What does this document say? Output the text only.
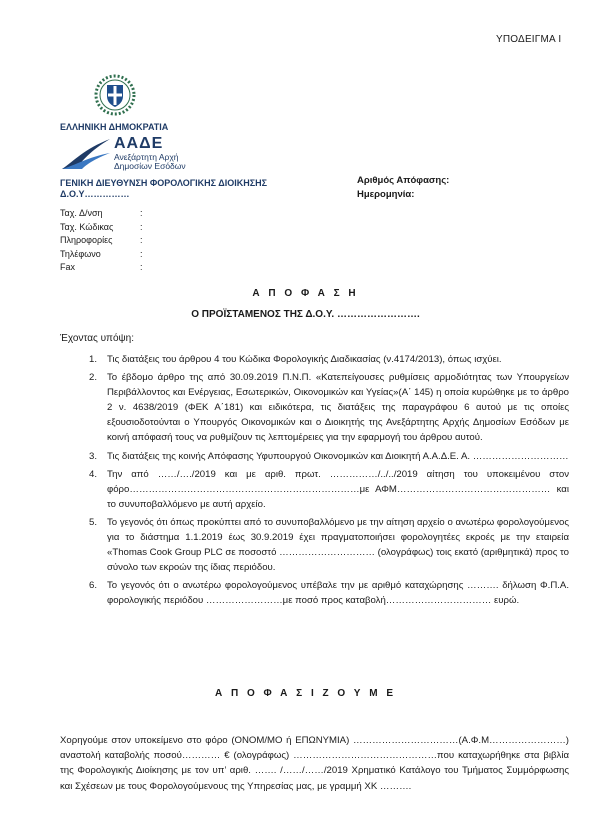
ΥΠΟΔΕΙΓΜΑ Ι
ΕΛΛΗΝΙΚΗ ΔΗΜΟΚΡΑΤΙΑ
ΑΑΔΕ
Ανεξάρτητη Αρχή
Δημοσίων Εσόδων
ΓΕΝΙΚΗ ΔΙΕΥΘΥΝΣΗ ΦΟΡΟΛΟΓΙΚΗΣ ΔΙΟΙΚΗΣΗΣ
Δ.Ο.Υ……………
Αριθμός Απόφασης:
Ημερομηνία:
Ταχ. Δ/νση	:
Ταχ. Κώδικας	:
Πληροφορίες	:
Τηλέφωνο	:
Fax	:
Α Π Ο Φ Α Σ Η
Ο ΠΡΟΪΣΤΑΜΕΝΟΣ ΤΗΣ Δ.Ο.Υ. …………………….
Έχοντας υπόψη:
1. Τις διατάξεις του άρθρου 4 του Κώδικα Φορολογικής Διαδικασίας (ν.4174/2013), όπως ισχύει.
2. Το έβδομο άρθρο της από 30.09.2019 Π.Ν.Π. «Κατεπείγουσες ρυθμίσεις αρμοδιότητας των Υπουργείων Περιβάλλοντος και Ενέργειας, Εσωτερικών, Οικονομικών και Υγείας»(Α΄ 145) η οποία κυρώθηκε με το άρθρο 2 ν. 4638/2019 (ΦΕΚ Α΄181) και ειδικότερα, τις διατάξεις της παραγράφου 6 αυτού με τις οποίες εξουσιοδοτούνται ο Υπουργός Οικονομικών και ο Διοικητής της Ανεξάρτητης Αρχής Δημοσίων Εσόδων με κοινή απόφασή τους να ρυθμίζουν τις λεπτομέρειες για την εφαρμογή του άρθρου αυτού.
3. Τις διατάξεις της κοινής Απόφασης Υφυπουργού Οικονομικών και Διοικητή Α.Α.Δ.Ε. Α. …………………………
4. Την από ……/…./2019 και με αριθ. πρωτ. ……………/../../2019 αίτηση του υποκειμένου στον φόρο………………………………………………………………με ΑΦΜ………………………………………… και το συνυποβαλλόμενο με αυτή αρχείο.
5. Το γεγονός ότι όπως προκύπτει από το συνυποβαλλόμενο με την αίτηση αρχείο ο ανωτέρω φορολογούμενος για το διάστημα 1.1.2019 έως 30.9.2019 έχει πραγματοποιήσει φορολογητέες εκροές με την εταιρεία «Thomas Cook Group PLC σε ποσοστό ………………………… (ολογράφως) τοις εκατό (αριθμητικά) προς το σύνολο των εκροών της ίδιας περιόδου.
6. Το γεγονός ότι ο ανωτέρω φορολογούμενος υπέβαλε την με αριθμό καταχώρησης ………. δήλωση Φ.Π.Α. φορολογικής περιόδου ……………………με ποσό προς καταβολή…………………………… ευρώ.
Α Π Ο Φ Α Σ Ι Ζ Ο Υ Μ Ε
Χορηγούμε στον υποκείμενο στο φόρο (ΟΝΟΜ/ΜΟ ή ΕΠΩΝΥΜΙΑ) ……………………………(Α.Φ.Μ……………………) αναστολή καταβολής ποσού………… € (ολογράφως) ………………………………………που καταχωρήθηκε στα βιβλία της Φορολογικής Διοίκησης με τον υπ’ αριθ. ……. /……/……/2019 Χρηματικό Κατάλογο του Τμήματος Συμμόρφωσης και Σχέσεων με τους Φορολογούμενους της Υπηρεσίας μας, με γραμμή ΧΚ ……….
